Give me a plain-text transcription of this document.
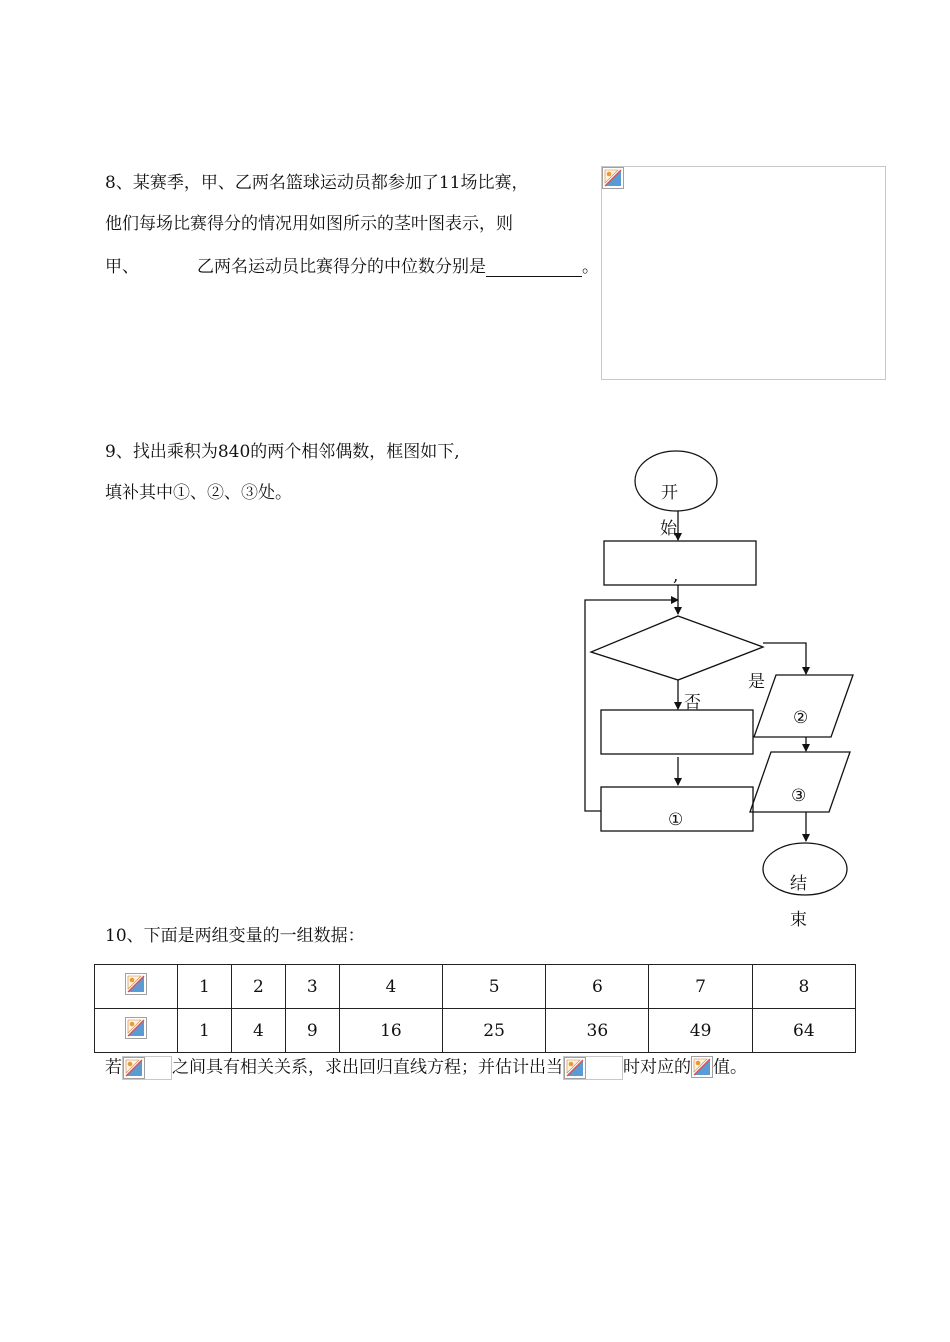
8、某赛季，甲、乙两名篮球运动员都参加了11场比赛，
他们每场比赛得分的情况用如图所示的茎叶图表示，则
甲、	乙两名运动员比赛得分的中位数分别是	。
9、找出乘积为840的两个相邻偶数，框图如下,
填补其中①、②、③处。	开
始
,
是
否
①
②
③
结
束
10、下面是两组变量的一组数据：
	1	2	3	4	5	6	7	8
	1	4	9	16	25	36	49	64
若	之间具有相关关系，求出回归直线方程；并估计出当	时对应的 值。
